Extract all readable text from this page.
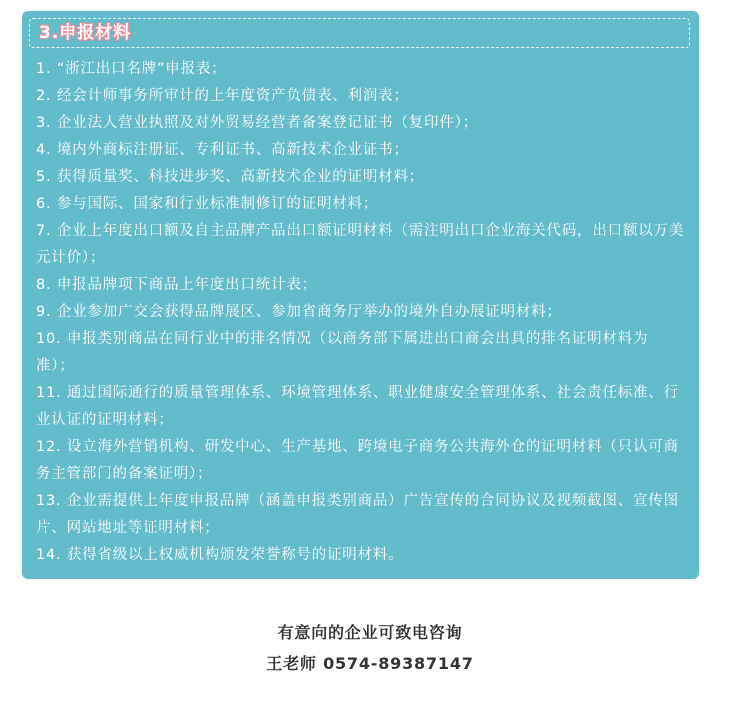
3.申报材料
1. “浙江出口名牌”申报表；
2. 经会计师事务所审计的上年度资产负债表、利润表；
3. 企业法人营业执照及对外贸易经营者备案登记证书（复印件）；
4. 境内外商标注册证、专利证书、高新技术企业证书；
5. 获得质量奖、科技进步奖、高新技术企业的证明材料；
6. 参与国际、国家和行业标准制修订的证明材料；
7. 企业上年度出口额及自主品牌产品出口额证明材料（需注明出口企业海关代码，出口额以万美元计价）；
8. 申报品牌项下商品上年度出口统计表；
9. 企业参加广交会获得品牌展区、参加省商务厅举办的境外自办展证明材料；
10. 申报类别商品在同行业中的排名情况（以商务部下属进出口商会出具的排名证明材料为准）；
11. 通过国际通行的质量管理体系、环境管理体系、职业健康安全管理体系、社会责任标准、行业认证的证明材料；
12. 设立海外营销机构、研发中心、生产基地、跨境电子商务公共海外仓的证明材料（只认可商务主管部门的备案证明）；
13. 企业需提供上年度申报品牌（涵盖申报类别商品）广告宣传的合同协议及视频截图、宣传图片、网站地址等证明材料；
14. 获得省级以上权威机构颁发荣誉称号的证明材料。
有意向的企业可致电咨询
王老师 0574-89387147
